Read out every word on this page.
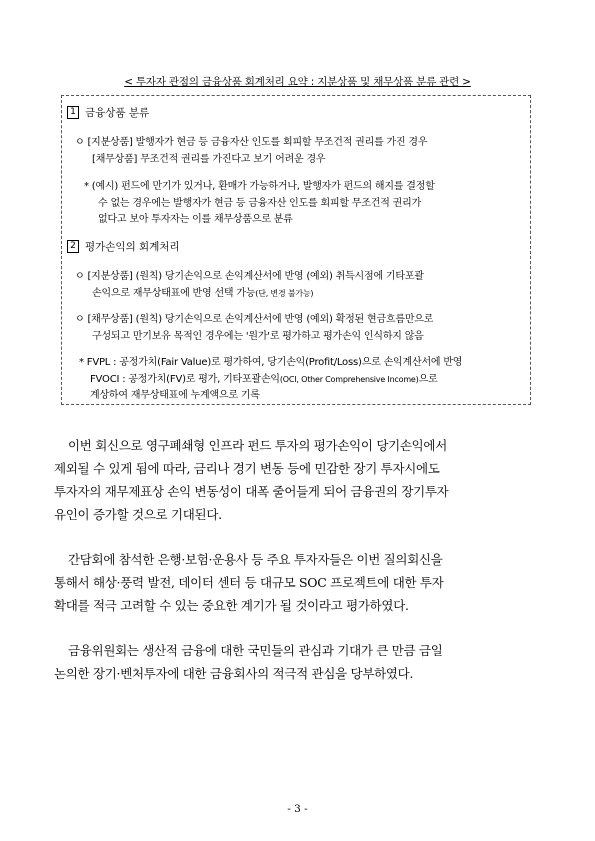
< 투자자 관점의 금융상품 회계처리 요약 : 지분상품 및 채무상품 분류 관련 >
1 금융상품 분류
ㅇ [지분상품] 발행자가 현금 등 금융자산 인도를 회피할 무조건적 권리를 가진 경우
[채무상품] 무조건적 권리를 가진다고 보기 어려운 경우
* (예시) 펀드에 만기가 있거나, 환매가 가능하거나, 발행자가 펀드의 해지를 결정할
수 없는 경우에는 발행자가 현금 등 금융자산 인도를 회피할 무조건적 권리가
없다고 보아 투자자는 이를 채무상품으로 분류
2 평가손익의 회계처리
ㅇ [지분상품] (원칙) 당기손익으로 손익계산서에 반영 (예외) 취득시점에 기타포괄
손익으로 재무상태표에 반영 선택 가능(단, 변경 불가능)
ㅇ [채무상품] (원칙) 당기손익으로 손익계산서에 반영 (예외) 확정된 현금흐름만으로
구성되고 만기보유 목적인 경우에는 '원가'로 평가하고 평가손익 인식하지 않음
* FVPL : 공정가치(Fair Value)로 평가하여, 당기손익(Profit/Loss)으로 손익계산서에 반영
FVOCI : 공정가치(FV)로 평가, 기타포괄손익(OCI, Other Comprehensive Income)으로
계상하여 재무상태표에 누계액으로 기록

이번 회신으로 영구폐쇄형 인프라 펀드 투자의 평가손익이 당기손익에서

제외될 수 있게 됨에 따라, 금리나 경기 변동 등에 민감한 장기 투자시에도

투자자의 재무제표상 손익 변동성이 대폭 줄어들게 되어 금융권의 장기투자

유인이 증가할 것으로 기대된다.

간담회에 참석한 은행·보험·운용사 등 주요 투자자들은 이번 질의회신을

통해서 해상·풍력 발전, 데이터 센터 등 대규모 SOC 프로젝트에 대한 투자

확대를 적극 고려할 수 있는 중요한 계기가 될 것이라고 평가하였다.

금융위원회는 생산적 금융에 대한 국민들의 관심과 기대가 큰 만큼 금일

논의한 장기·벤처투자에 대한 금융회사의 적극적 관심을 당부하였다.

- 3 -
